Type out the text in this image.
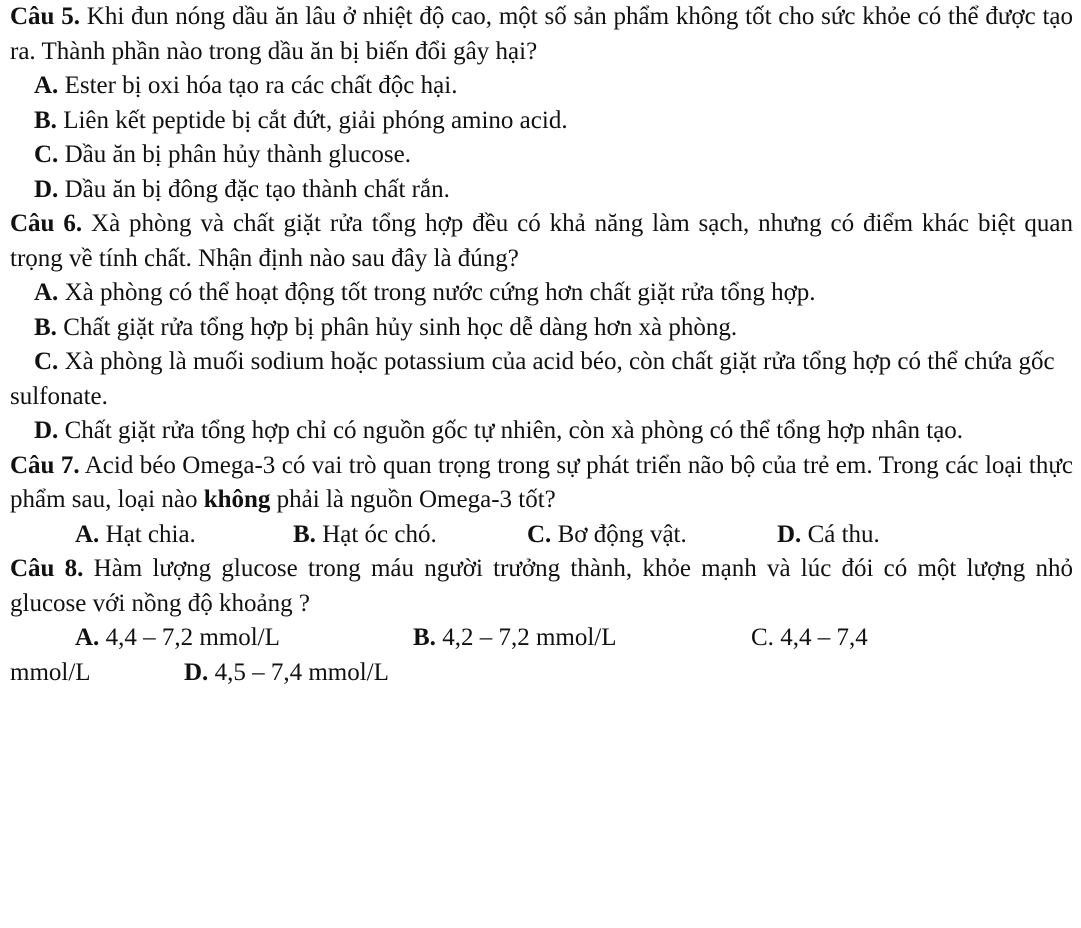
Câu 5. Khi đun nóng dầu ăn lâu ở nhiệt độ cao, một số sản phẩm không tốt cho sức khỏe có thể được tạo ra. Thành phần nào trong dầu ăn bị biến đổi gây hại?

A. Ester bị oxi hóa tạo ra các chất độc hại.

B. Liên kết peptide bị cắt đứt, giải phóng amino acid.

C. Dầu ăn bị phân hủy thành glucose.

D. Dầu ăn bị đông đặc tạo thành chất rắn.

Câu 6. Xà phòng và chất giặt rửa tổng hợp đều có khả năng làm sạch, nhưng có điểm khác biệt quan trọng về tính chất. Nhận định nào sau đây là đúng?

A. Xà phòng có thể hoạt động tốt trong nước cứng hơn chất giặt rửa tổng hợp.

B. Chất giặt rửa tổng hợp bị phân hủy sinh học dễ dàng hơn xà phòng.

C. Xà phòng là muối sodium hoặc potassium của acid béo, còn chất giặt rửa tổng hợp có thể chứa gốc sulfonate.

D. Chất giặt rửa tổng hợp chỉ có nguồn gốc tự nhiên, còn xà phòng có thể tổng hợp nhân tạo.

Câu 7. Acid béo Omega-3 có vai trò quan trọng trong sự phát triển não bộ của trẻ em. Trong các loại thực phẩm sau, loại nào không phải là nguồn Omega-3 tốt?

A. Hạt chia.	B. Hạt óc chó.	C. Bơ động vật.	D. Cá thu.

Câu 8. Hàm lượng glucose trong máu người trưởng thành, khỏe mạnh và lúc đói có một lượng nhỏ glucose với nồng độ khoảng ?

A. 4,4 – 7,2 mmol/L	B. 4,2 – 7,2 mmol/L	C. 4,4 – 7,4
mmol/L	D. 4,5 – 7,4 mmol/L
